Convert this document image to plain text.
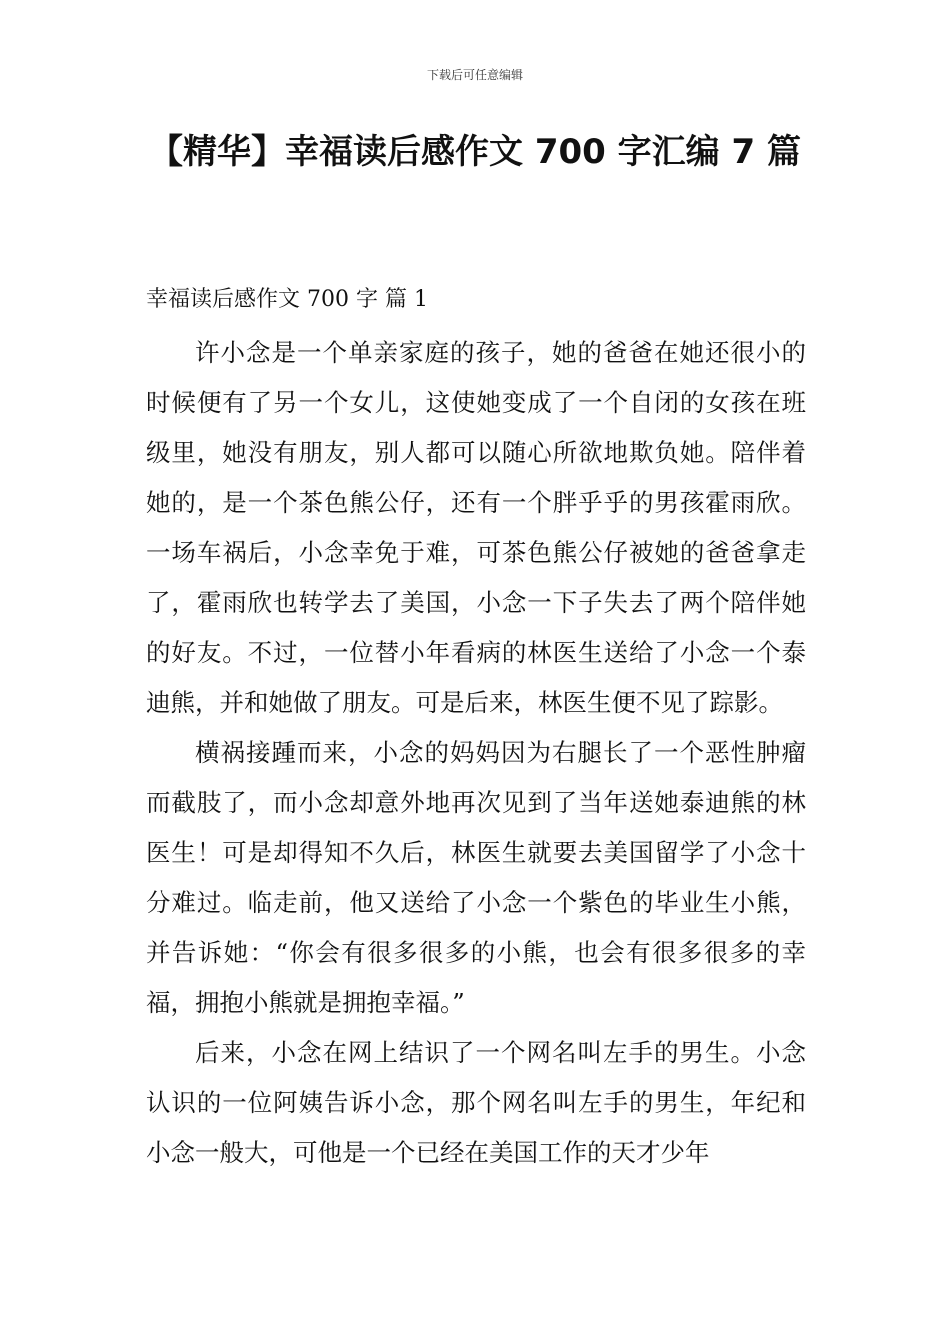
下载后可任意编辑
【精华】幸福读后感作文 700 字汇编 7 篇
幸福读后感作文 700 字 篇 1

许小念是一个单亲家庭的孩子，她的爸爸在她还很小的时候便有了另一个女儿，这使她变成了一个自闭的女孩在班级里，她没有朋友，别人都可以随心所欲地欺负她。陪伴着她的，是一个茶色熊公仔，还有一个胖乎乎的男孩霍雨欣。一场车祸后，小念幸免于难，可茶色熊公仔被她的爸爸拿走了，霍雨欣也转学去了美国，小念一下子失去了两个陪伴她的好友。不过，一位替小年看病的林医生送给了小念一个泰迪熊，并和她做了朋友。可是后来，林医生便不见了踪影。

横祸接踵而来，小念的妈妈因为右腿长了一个恶性肿瘤而截肢了，而小念却意外地再次见到了当年送她泰迪熊的林医生！可是却得知不久后，林医生就要去美国留学了小念十分难过。临走前，他又送给了小念一个紫色的毕业生小熊，并告诉她：“你会有很多很多的小熊，也会有很多很多的幸福，拥抱小熊就是拥抱幸福。”

后来，小念在网上结识了一个网名叫左手的男生。小念认识的一位阿姨告诉小念，那个网名叫左手的男生，年纪和小念一般大，可他是一个已经在美国工作的天才少年
